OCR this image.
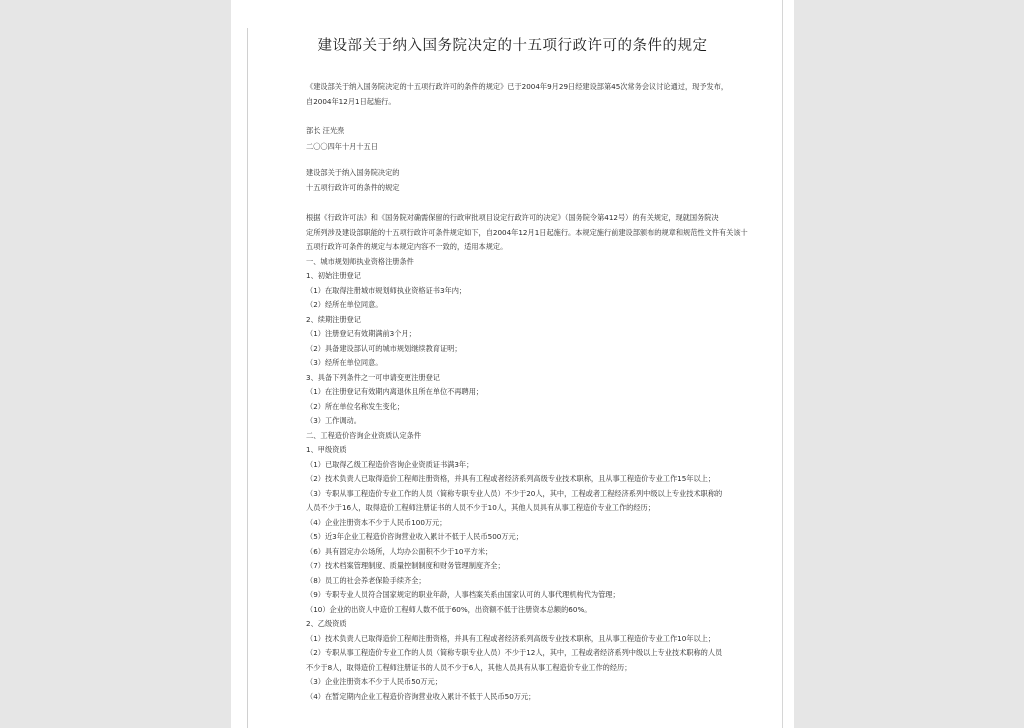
建设部关于纳入国务院决定的十五项行政许可的条件的规定
《建设部关于纳入国务院决定的十五项行政许可的条件的规定》已于2004年9月29日经建设部第45次常务会议讨论通过，现予发布，
自2004年12月1日起施行。
部长 汪光焘
二〇〇四年十月十五日
建设部关于纳入国务院决定的
十五项行政许可的条件的规定
根据《行政许可法》和《国务院对确需保留的行政审批项目设定行政许可的决定》（国务院令第412号）的有关规定，现就国务院决
定所列涉及建设部职能的十五项行政许可条件规定如下，自2004年12月1日起施行。本规定施行前建设部颁布的规章和规范性文件有关该十
五项行政许可条件的规定与本规定内容不一致的，适用本规定。
一、城市规划师执业资格注册条件
1、初始注册登记
（1）在取得注册城市规划师执业资格证书3年内；
（2）经所在单位同意。
2、续期注册登记
（1）注册登记有效期满前3个月；
（2）具备建设部认可的城市规划继续教育证明；
（3）经所在单位同意。
3、具备下列条件之一可申请变更注册登记
（1）在注册登记有效期内离退休且所在单位不再聘用；
（2）所在单位名称发生变化；
（3）工作调动。
二、工程造价咨询企业资质认定条件
1、甲级资质
（1）已取得乙级工程造价咨询企业资质证书满3年；
（2）技术负责人已取得造价工程师注册资格，并具有工程或者经济系列高级专业技术职称，且从事工程造价专业工作15年以上；
（3）专职从事工程造价专业工作的人员（简称专职专业人员）不少于20人，其中，工程或者工程经济系列中级以上专业技术职称的
人员不少于16人，取得造价工程师注册证书的人员不少于10人，其他人员具有从事工程造价专业工作的经历；
（4）企业注册资本不少于人民币100万元；
（5）近3年企业工程造价咨询营业收入累计不低于人民币500万元；
（6）具有固定办公场所，人均办公面积不少于10平方米；
（7）技术档案管理制度、质量控制制度和财务管理制度齐全；
（8）员工的社会养老保险手续齐全；
（9）专职专业人员符合国家规定的职业年龄，人事档案关系由国家认可的人事代理机构代为管理；
（10）企业的出资人中造价工程师人数不低于60%，出资额不低于注册资本总额的60%。
2、乙级资质
（1）技术负责人已取得造价工程师注册资格，并具有工程或者经济系列高级专业技术职称，且从事工程造价专业工作10年以上；
（2）专职从事工程造价专业工作的人员（简称专职专业人员）不少于12人，其中，工程或者经济系列中级以上专业技术职称的人员
不少于8人，取得造价工程师注册证书的人员不少于6人，其他人员具有从事工程造价专业工作的经历；
（3）企业注册资本不少于人民币50万元；
（4）在暂定期内企业工程造价咨询营业收入累计不低于人民币50万元；
